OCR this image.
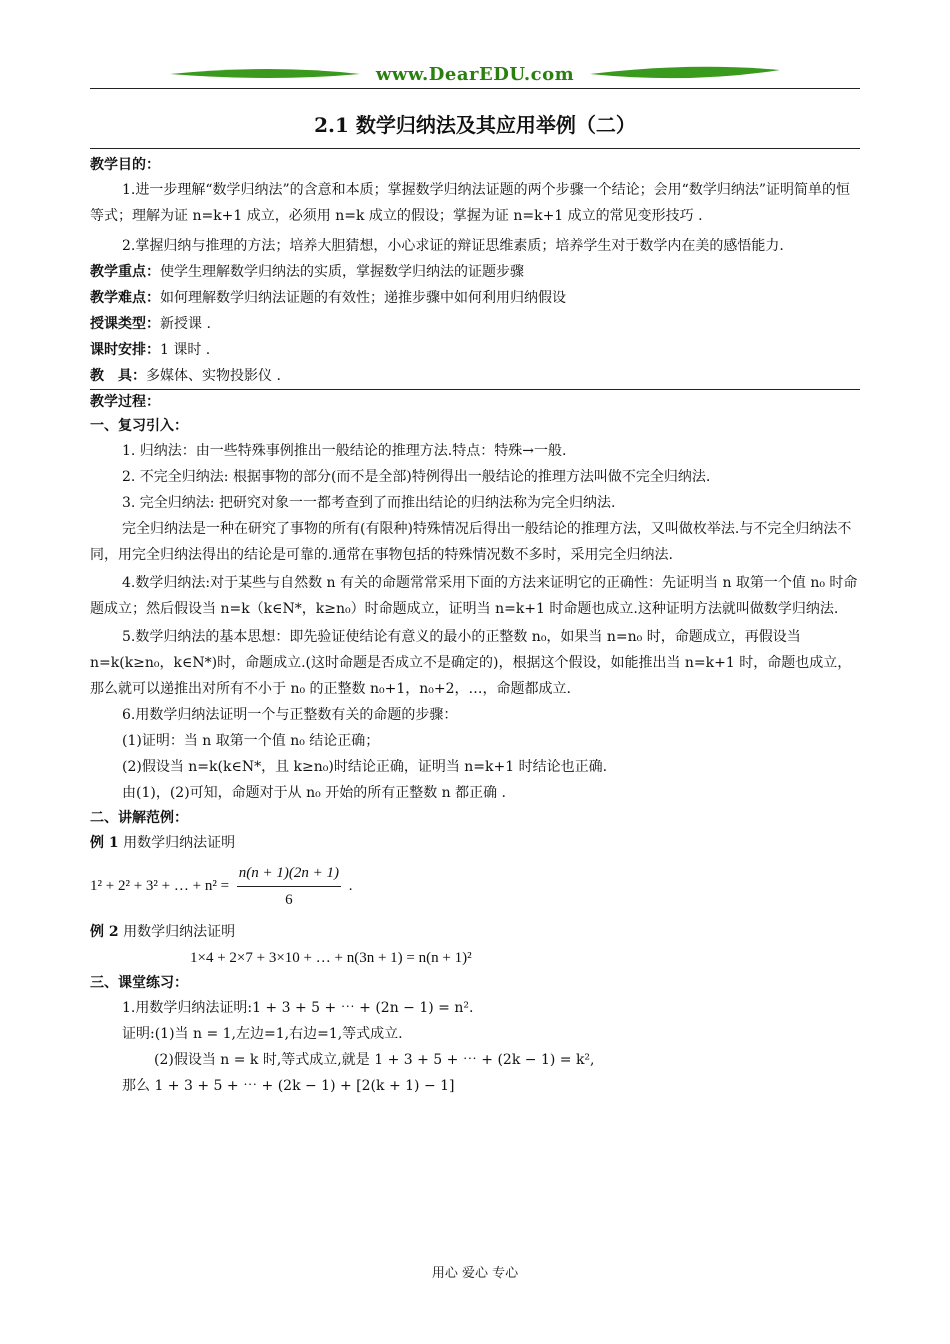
www.DearEDU.com
2.1 数学归纳法及其应用举例（二）
教学目的：

1.进一步理解“数学归纳法”的含意和本质；掌握数学归纳法证题的两个步骤一个结论；会用“数学归纳法”证明简单的恒等式；理解为证 n=k+1 成立，必须用 n=k 成立的假设；掌握为证 n=k+1 成立的常见变形技巧 .

2.掌握归纳与推理的方法；培养大胆猜想，小心求证的辩证思维素质；培养学生对于数学内在美的感悟能力.

教学重点：使学生理解数学归纳法的实质，掌握数学归纳法的证题步骤

教学难点：如何理解数学归纳法证题的有效性；递推步骤中如何利用归纳假设

授课类型：新授课 .

课时安排：1 课时 .

教　具：多媒体、实物投影仪 .

教学过程：
一、复习引入：

1. 归纳法：由一些特殊事例推出一般结论的推理方法.特点：特殊→一般.

2. 不完全归纳法: 根据事物的部分(而不是全部)特例得出一般结论的推理方法叫做不完全归纳法.

3. 完全归纳法: 把研究对象一一都考查到了而推出结论的归纳法称为完全归纳法.

完全归纳法是一种在研究了事物的所有(有限种)特殊情况后得出一般结论的推理方法，又叫做枚举法.与不完全归纳法不同，用完全归纳法得出的结论是可靠的.通常在事物包括的特殊情况数不多时，采用完全归纳法.

4.数学归纳法:对于某些与自然数 n 有关的命题常常采用下面的方法来证明它的正确性：先证明当 n 取第一个值 n₀ 时命题成立；然后假设当 n=k（k∈N*，k≥n₀）时命题成立，证明当 n=k+1 时命题也成立.这种证明方法就叫做数学归纳法.

5.数学归纳法的基本思想：即先验证使结论有意义的最小的正整数 n₀，如果当 n=n₀ 时，命题成立，再假设当 n=k(k≥n₀，k∈N*)时，命题成立.(这时命题是否成立不是确定的)，根据这个假设，如能推出当 n=k+1 时，命题也成立，那么就可以递推出对所有不小于 n₀ 的正整数 n₀+1，n₀+2，…，命题都成立.

6.用数学归纳法证明一个与正整数有关的命题的步骤：

(1)证明：当 n 取第一个值 n₀ 结论正确；

(2)假设当 n=k(k∈N*，且 k≥n₀)时结论正确，证明当 n=k+1 时结论也正确.

由(1)，(2)可知，命题对于从 n₀ 开始的所有正整数 n 都正确 .

二、讲解范例：

例 1 用数学归纳法证明

1² + 2² + 3² + … + $n^2 = \frac{n(n + 1)(2n + 1)}{6}$ .

例 2 用数学归纳法证明

1×4 + 2×7 + 3×10 + … + n(3n + 1) = n(n + 1)²
三、课堂练习：

1.用数学归纳法证明:1 + 3 + 5 + ⋯ + (2n − 1) = n².

证明:(1)当 n = 1,左边=1,右边=1,等式成立.

(2)假设当 n = k 时,等式成立,就是 1 + 3 + 5 + ⋯ + (2k − 1) = k²,

那么 1 + 3 + 5 + ⋯ + (2k − 1) + [2(k + 1) − 1]

用心 爱心 专心
